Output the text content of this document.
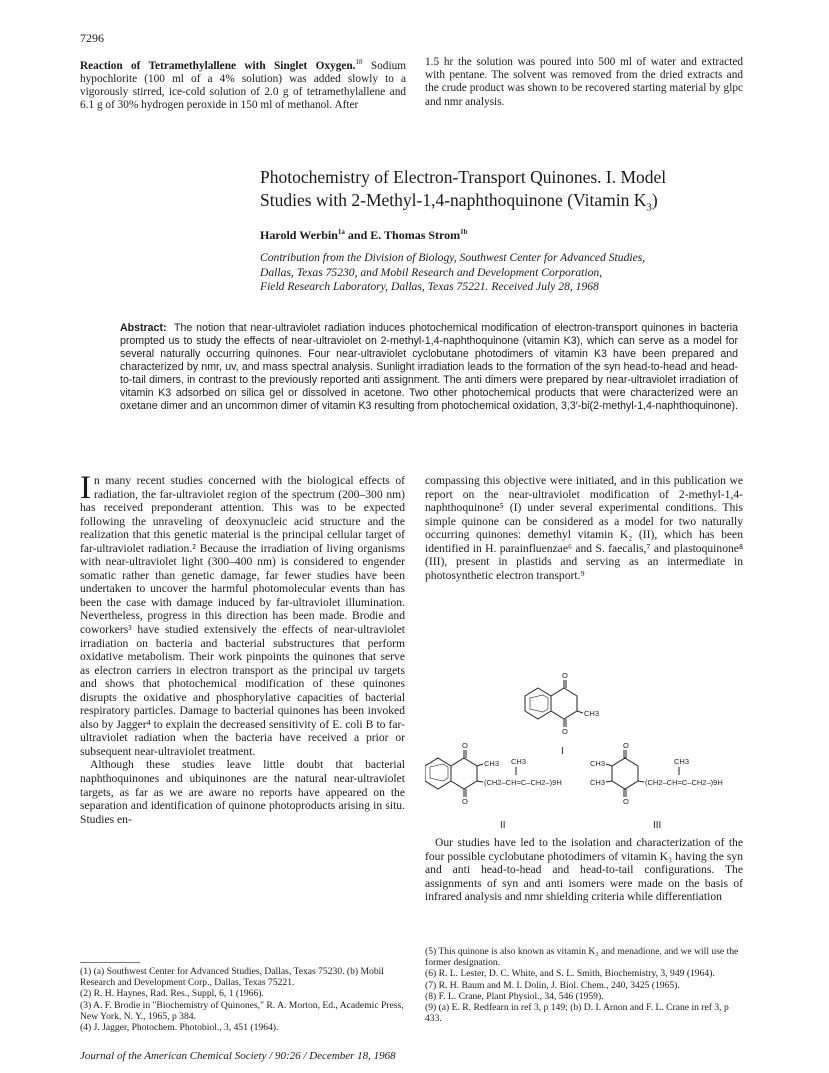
7296

Reaction of Tetramethylallene with Singlet Oxygen.$^{18}$ Sodium hypochlorite (100 ml of a 4% solution) was added slowly to a vigorously stirred, ice-cold solution of 2.0 g of tetramethylallene and 6.1 g of 30% hydrogen peroxide in 150 ml of methanol. After

1.5 hr the solution was poured into 500 ml of water and extracted with pentane. The solvent was removed from the dried extracts and the crude product was shown to be recovered starting material by glpc and nmr analysis.

Photochemistry of Electron-Transport Quinones. I. Model
Studies with 2-Methyl-1,4-naphthoquinone (Vitamin $K_3$)
Harold Werbin$^{1a}$ and E. Thomas Strom$^{1b}$
Contribution from the Division of Biology, Southwest Center for Advanced Studies,
Dallas, Texas 75230, and Mobil Research and Development Corporation,
Field Research Laboratory, Dallas, Texas 75221. Received July 28, 1968
Abstract: The notion that near-ultraviolet radiation induces photochemical modification of electron-transport quinones in bacteria prompted us to study the effects of near-ultraviolet on 2-methyl-1,4-naphthoquinone (vitamin K3), which can serve as a model for several naturally occurring quinones. Four near-ultraviolet cyclobutane photodimers of vitamin K3 have been prepared and characterized by nmr, uv, and mass spectral analysis. Sunlight irradiation leads to the formation of the syn head-to-head and head-to-tail dimers, in contrast to the previously reported anti assignment. The anti dimers were prepared by near-ultraviolet irradiation of vitamin K3 adsorbed on silica gel or dissolved in acetone. Two other photochemical products that were characterized were an oxetane dimer and an uncommon dimer of vitamin K3 resulting from photochemical oxidation, 3,3′-bi(2-methyl-1,4-naphthoquinone).

In many recent studies concerned with the biological effects of radiation, the far-ultraviolet region of the spectrum (200–300 nm) has received preponderant attention. This was to be expected following the unraveling of deoxynucleic acid structure and the realization that this genetic material is the principal cellular target of far-ultraviolet radiation.² Because the irradiation of living organisms with near-ultraviolet light (300–400 nm) is considered to engender somatic rather than genetic damage, far fewer studies have been undertaken to uncover the harmful photomolecular events than has been the case with damage induced by far-ultraviolet illumination. Nevertheless, progress in this direction has been made. Brodie and coworkers³ have studied extensively the effects of near-ultraviolet irradiation on bacteria and bacterial substructures that perform oxidative metabolism. Their work pinpoints the quinones that serve as electron carriers in electron transport as the principal uv targets and shows that photochemical modification of these quinones disrupts the oxidative and phosphorylative capacities of bacterial respiratory particles. Damage to bacterial quinones has been invoked also by Jagger⁴ to explain the decreased sensitivity of E. coli B to far-ultraviolet radiation when the bacteria have received a prior or subsequent near-ultraviolet treatment.

Although these studies leave little doubt that bacterial naphthoquinones and ubiquinones are the natural near-ultraviolet targets, as far as we are aware no reports have appeared on the separation and identification of quinone photoproducts arising in situ. Studies en-

compassing this objective were initiated, and in this publication we report on the near-ultraviolet modification of 2-methyl-1,4-naphthoquinone⁵ (I) under several experimental conditions. This simple quinone can be considered as a model for two naturally occurring quinones: demethyl vitamin K₂ (II), which has been identified in H. parainfluenzae⁶ and S. faecalis,⁷ and plastoquinone⁸ (III), present in plastids and serving as an intermediate in photosynthetic electron transport.⁹

O
O
CH3
O
O
CH3 CH3
(CH2–CH=C–CH2–)9H
O
O
CH3
CH3
CH3
(CH2–CH=C–CH2–)9H
I
II	III

Our studies have led to the isolation and characterization of the four possible cyclobutane photodimers of vitamin K₃ having the syn and anti head-to-head and head-to-tail configurations. The assignments of syn and anti isomers were made on the basis of infrared analysis and nmr shielding criteria while differentiation

(1) (a) Southwest Center for Advanced Studies, Dallas, Texas 75230. (b) Mobil Research and Development Corp., Dallas, Texas 75221.
(2) R. H. Haynes, Rad. Res., Suppl, 6, 1 (1966).
(3) A. F. Brodie in "Biochemistry of Quinones," R. A. Morton, Ed., Academic Press, New York, N. Y., 1965, p 384.
(4) J. Jagger, Photochem. Photobiol., 3, 451 (1964).
(5) This quinone is also known as vitamin K₃ and menadione, and we will use the former designation.
(6) R. L. Lester, D. C. White, and S. L. Smith, Biochemistry, 3, 949 (1964).
(7) R. H. Baum and M. I. Dolin, J. Biol. Chem., 240, 3425 (1965).
(8) F. L. Crane, Plant Physiol., 34, 546 (1959).
(9) (a) E. R. Redfearn in ref 3, p 149; (b) D. I. Arnon and F. L. Crane in ref 3, p 433.
Journal of the American Chemical Society / 90:26 / December 18, 1968
